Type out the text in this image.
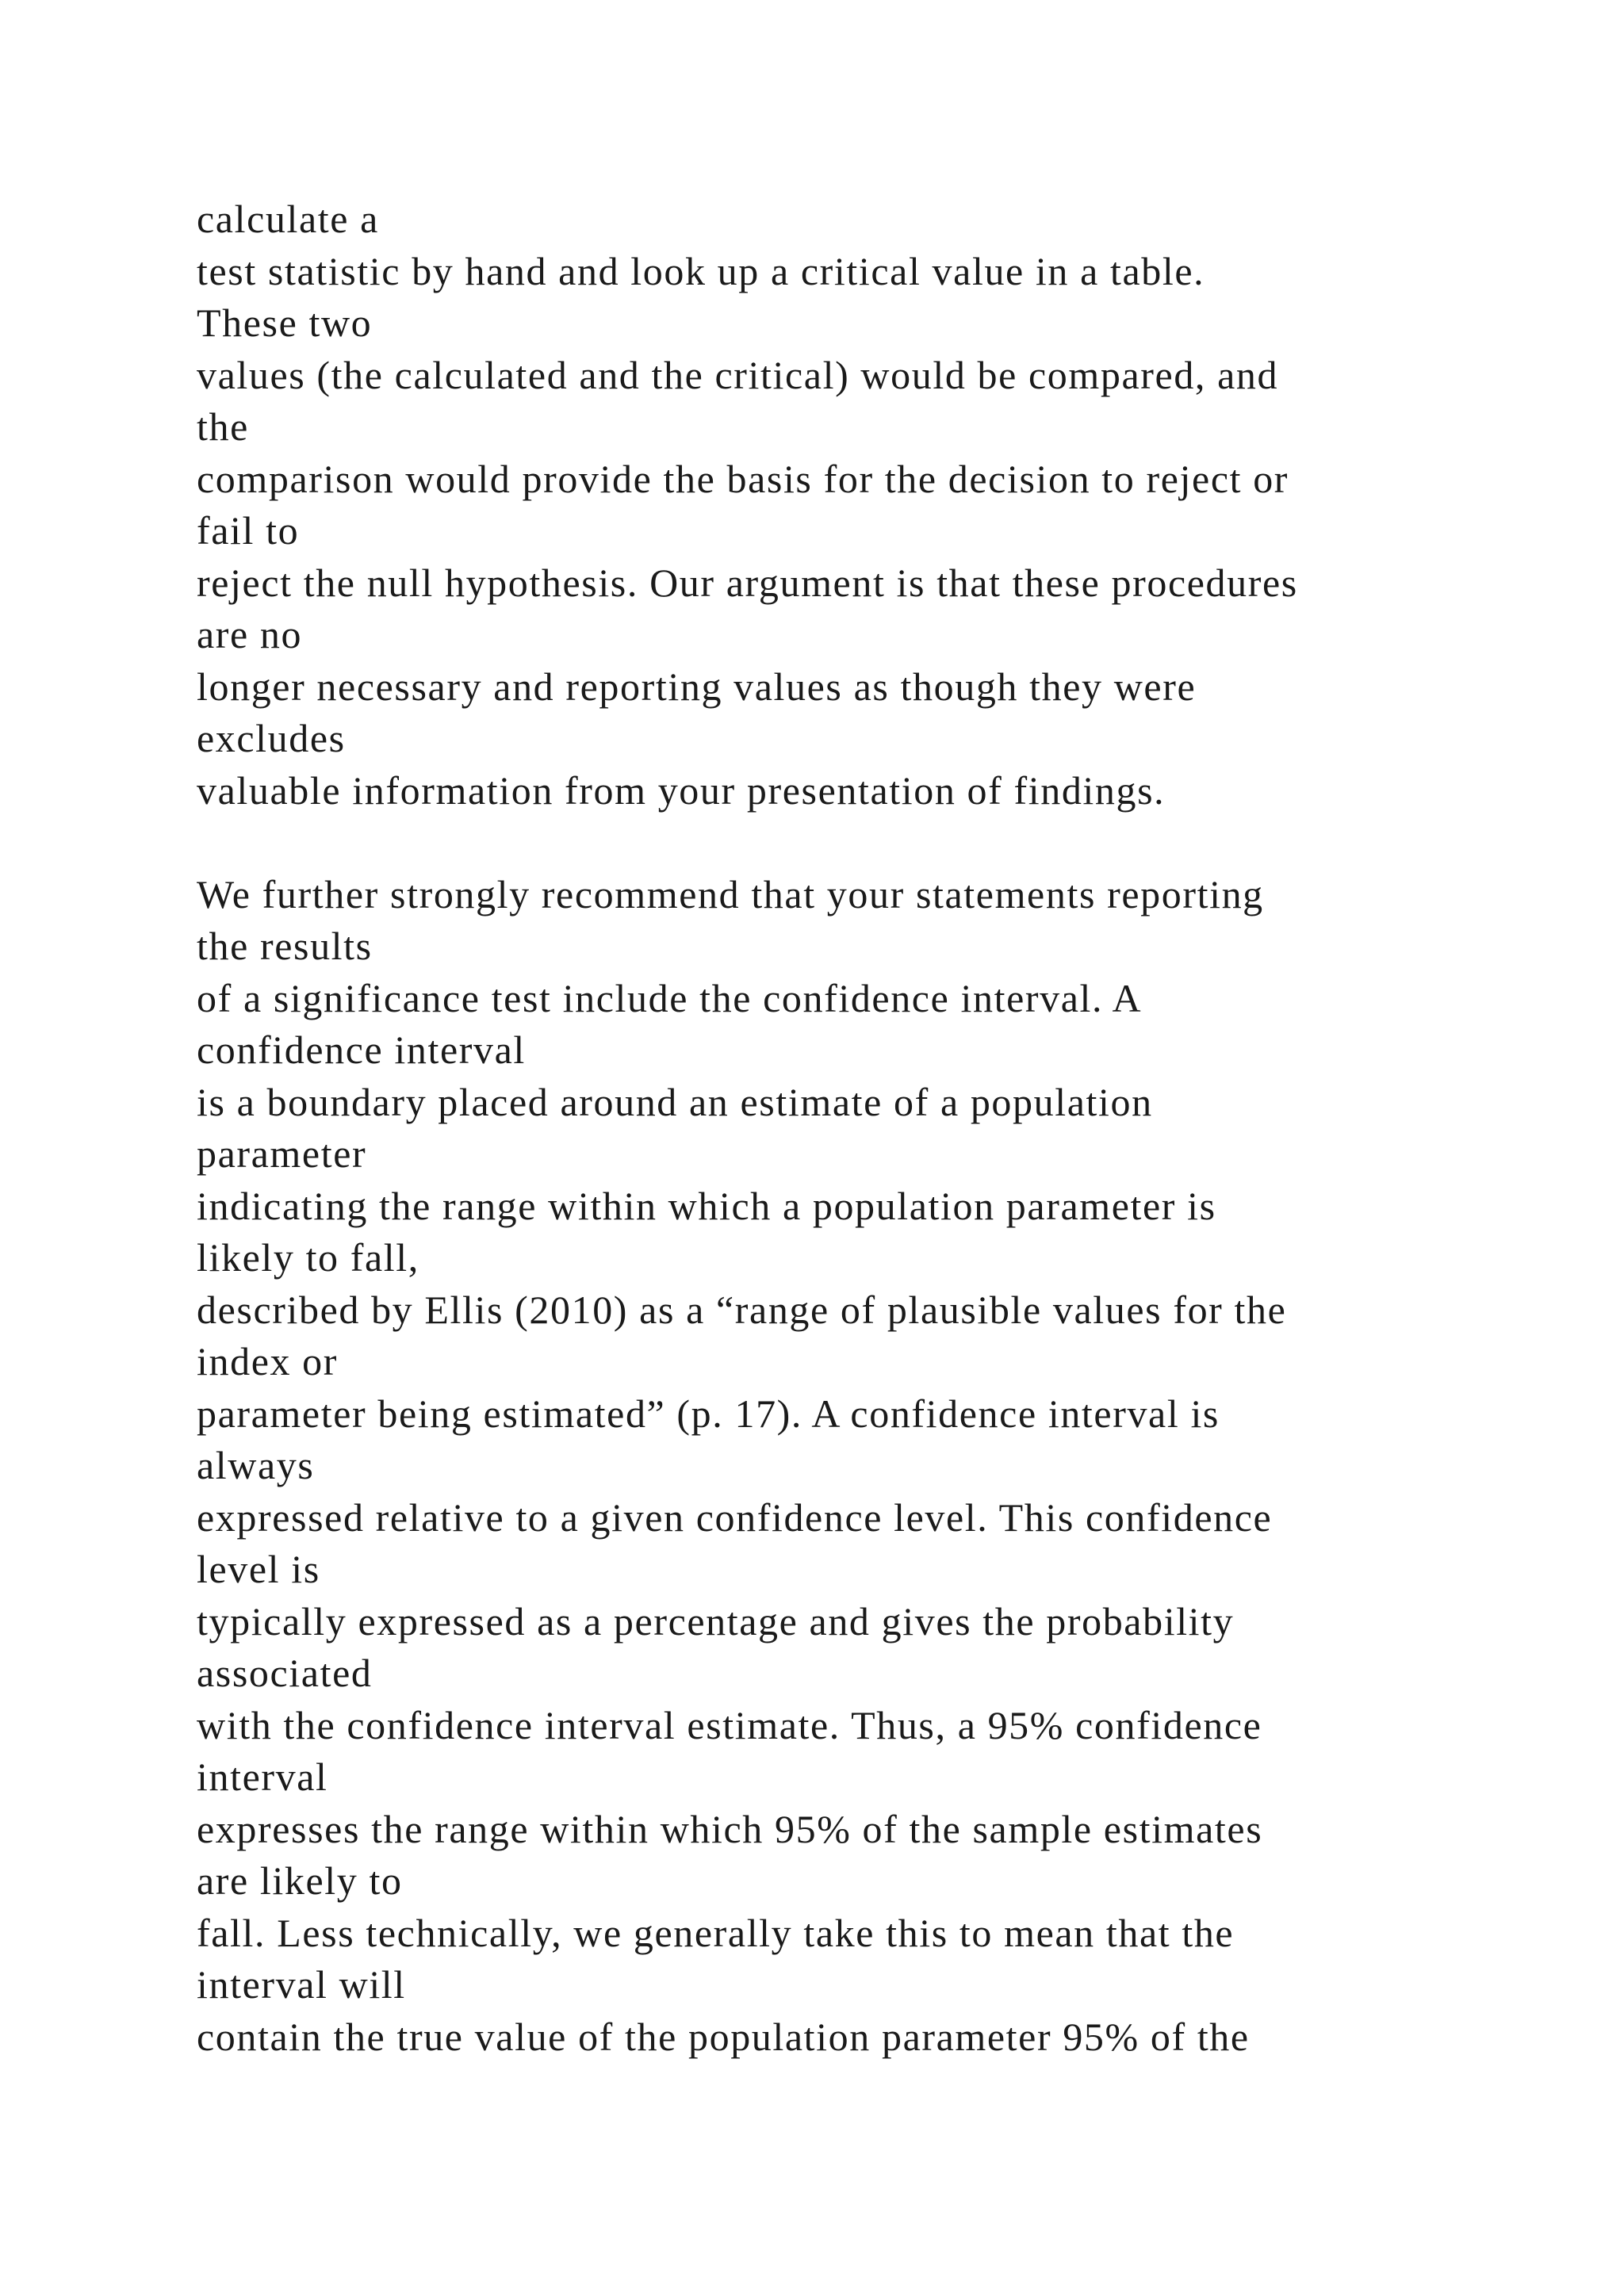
calculate a
test statistic by hand and look up a critical value in a table.
These two
values (the calculated and the critical) would be compared, and
the
comparison would provide the basis for the decision to reject or
fail to
reject the null hypothesis. Our argument is that these procedures
are no
longer necessary and reporting values as though they were
excludes
valuable information from your presentation of findings.
We further strongly recommend that your statements reporting
the results
of a significance test include the confidence interval. A
confidence interval
is a boundary placed around an estimate of a population
parameter
indicating the range within which a population parameter is
likely to fall,
described by Ellis (2010) as a “range of plausible values for the
index or
parameter being estimated” (p. 17). A confidence interval is
always
expressed relative to a given confidence level. This confidence
level is
typically expressed as a percentage and gives the probability
associated
with the confidence interval estimate. Thus, a 95% confidence
interval
expresses the range within which 95% of the sample estimates
are likely to
fall. Less technically, we generally take this to mean that the
interval will
contain the true value of the population parameter 95% of the
